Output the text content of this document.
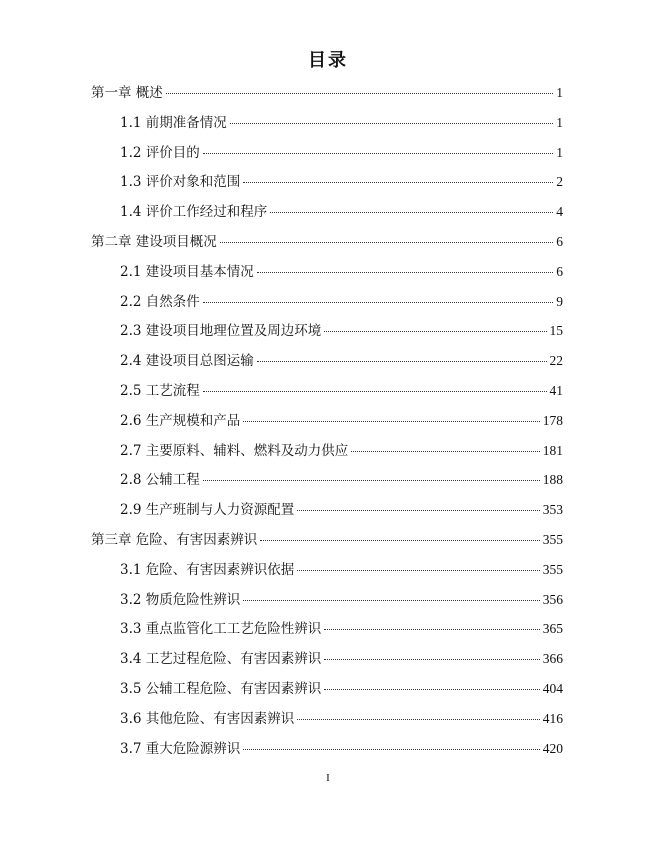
目录
第一章 概述	1
1.1 前期准备情况	1
1.2 评价目的	1
1.3 评价对象和范围	2
1.4 评价工作经过和程序	4
第二章 建设项目概况	6
2.1 建设项目基本情况	6
2.2 自然条件	9
2.3 建设项目地理位置及周边环境	15
2.4 建设项目总图运输	22
2.5 工艺流程	41
2.6 生产规模和产品	178
2.7 主要原料、辅料、燃料及动力供应	181
2.8 公辅工程	188
2.9 生产班制与人力资源配置	353
第三章 危险、有害因素辨识	355
3.1 危险、有害因素辨识依据	355
3.2 物质危险性辨识	356
3.3 重点监管化工工艺危险性辨识	365
3.4 工艺过程危险、有害因素辨识	366
3.5 公辅工程危险、有害因素辨识	404
3.6 其他危险、有害因素辨识	416
3.7 重大危险源辨识	420
I
